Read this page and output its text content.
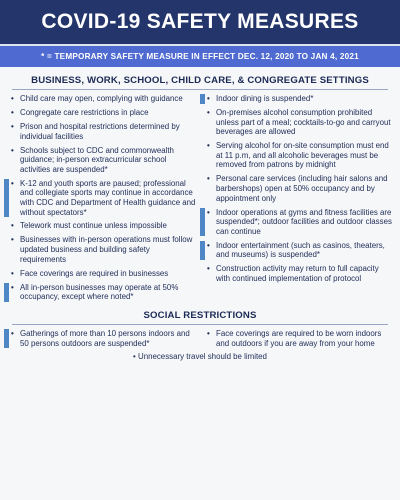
COVID-19 SAFETY MEASURES
* = TEMPORARY SAFETY MEASURE IN EFFECT DEC. 12, 2020 TO JAN 4, 2021
BUSINESS, WORK, SCHOOL, CHILD CARE, & CONGREGATE SETTINGS
• Child care may open, complying with guidance
• Congregate care restrictions in place
• Prison and hospital restrictions determined by individual facilities
• Schools subject to CDC and commonwealth guidance; in-person extracurricular school activities are suspended*
• K-12 and youth sports are paused; professional and collegiate sports may continue in accordance with CDC and Department of Health guidance and without spectators*
• Telework must continue unless impossible
• Businesses with in-person operations must follow updated business and building safety requirements
• Face coverings are required in businesses
• All in-person businesses may operate at 50% occupancy, except where noted*
• Indoor dining is suspended*
• On-premises alcohol consumption prohibited unless part of a meal; cocktails-to-go and carryout beverages are allowed
• Serving alcohol for on-site consumption must end at 11 p.m, and all alcoholic beverages must be removed from patrons by midnight
• Personal care services (including hair salons and barbershops) open at 50% occupancy and by appointment only
• Indoor operations at gyms and fitness facilities are suspended*; outdoor facilities and outdoor classes can continue
• Indoor entertainment (such as casinos, theaters, and museums) is suspended*
• Construction activity may return to full capacity with continued implementation of protocol
SOCIAL RESTRICTIONS
• Gatherings of more than 10 persons indoors and 50 persons outdoors are suspended*
• Face coverings are required to be worn indoors and outdoors if you are away from your home
• Unnecessary travel should be limited
